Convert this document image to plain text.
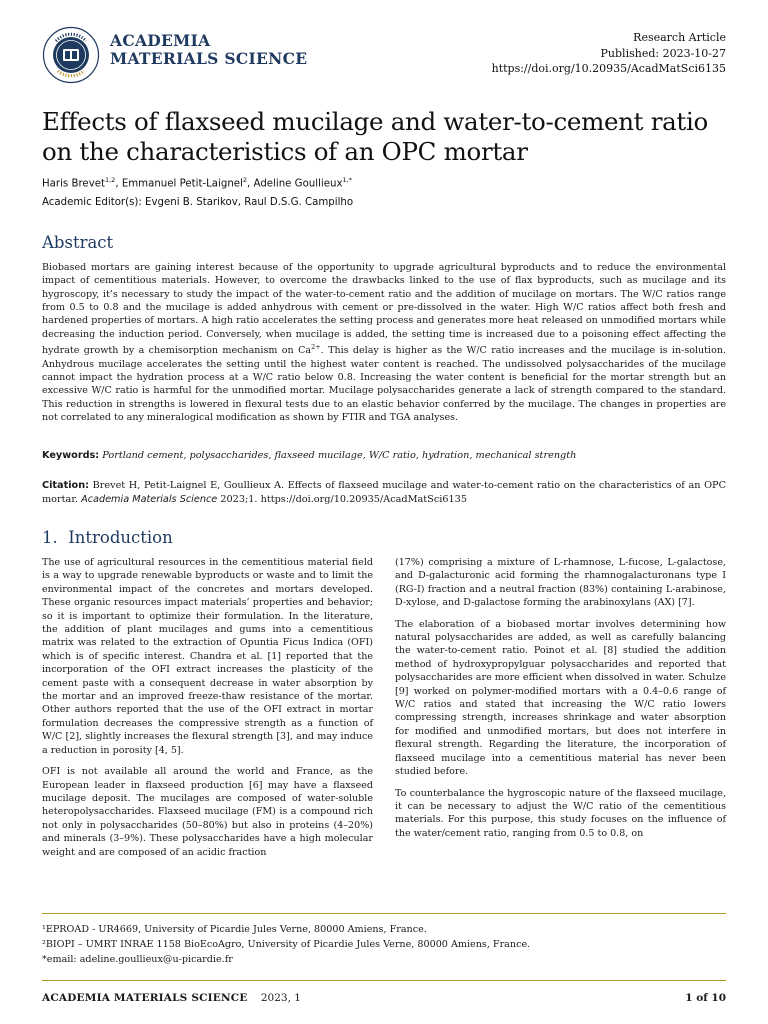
ACADEMIA
MATERIALS SCIENCE
Research Article
Published: 2023-10-27
https://doi.org/10.20935/AcadMatSci6135
Effects of flaxseed mucilage and water-to-cement ratio
on the characteristics of an OPC mortar
Haris Brevet$^{1,2}$, Emmanuel Petit-Laignel$^2$, Adeline Goullieux$^{1,*}$
Academic Editor(s): Evgeni B. Starikov, Raul D.S.G. Campilho
Abstract
Biobased mortars are gaining interest because of the opportunity to upgrade agricultural byproducts and to reduce the environmental impact of cementitious materials. However, to overcome the drawbacks linked to the use of flax byproducts, such as mucilage and its hygroscopy, it’s necessary to study the impact of the water-to-cement ratio and the addition of mucilage on mortars. The W/C ratios range from 0.5 to 0.8 and the mucilage is added anhydrous with cement or pre-dissolved in the water. High W/C ratios affect both fresh and hardened properties of mortars. A high ratio accelerates the setting process and generates more heat released on unmodified mortars while decreasing the induction period. Conversely, when mucilage is added, the setting time is increased due to a poisoning effect affecting the hydrate growth by a chemisorption mechanism on $Ca^{2+}$. This delay is higher as the W/C ratio increases and the mucilage is in-solution. Anhydrous mucilage accelerates the setting until the highest water content is reached. The undissolved polysaccharides of the mucilage cannot impact the hydration process at a W/C ratio below 0.8. Increasing the water content is beneficial for the mortar strength but an excessive W/C ratio is harmful for the unmodified mortar. Mucilage polysaccharides generate a lack of strength compared to the standard. This reduction in strengths is lowered in flexural tests due to an elastic behavior conferred by the mucilage. The changes in properties are not correlated to any mineralogical modification as shown by FTIR and TGA analyses.
Keywords: Portland cement, polysaccharides, flaxseed mucilage, W/C ratio, hydration, mechanical strength
Citation: Brevet H, Petit-Laignel E, Goullieux A. Effects of flaxseed mucilage and water-to-cement ratio on the characteristics of an OPC mortar. Academia Materials Science 2023;1. https://doi.org/10.20935/AcadMatSci6135
1.  Introduction

The use of agricultural resources in the cementitious material field is a way to upgrade renewable byproducts or waste and to limit the environmental impact of the concretes and mortars developed. These organic resources impact materials’ properties and behavior; so it is important to optimize their formulation. In the literature, the addition of plant mucilages and gums into a cementitious matrix was related to the extraction of Opuntia Ficus Indica (OFI) which is of specific interest. Chandra et al. [1] reported that the incorporation of the OFI extract increases the plasticity of the cement paste with a consequent decrease in water absorption by the mortar and an improved freeze-thaw resistance of the mortar. Other authors reported that the use of the OFI extract in mortar formulation decreases the compressive strength as a function of W/C [2], slightly increases the flexural strength [3], and may induce a reduction in porosity [4, 5].

OFI is not available all around the world and France, as the European leader in flaxseed production [6] may have a flaxseed mucilage deposit. The mucilages are composed of water-soluble heteropolysaccharides. Flaxseed mucilage (FM) is a compound rich not only in polysaccharides (50–80%) but also in proteins (4–20%) and minerals (3–9%). These polysaccharides have a high molecular weight and are composed of an acidic fraction

(17%) comprising a mixture of L-rhamnose, L-fucose, L-galactose, and D-galacturonic acid forming the rhamnogalacturonans type I (RG-I) fraction and a neutral fraction (83%) containing L-arabinose, D-xylose, and D-galactose forming the arabinoxylans (AX) [7].

The elaboration of a biobased mortar involves determining how natural polysaccharides are added, as well as carefully balancing the water-to-cement ratio. Poinot et al. [8] studied the addition method of hydroxypropylguar polysaccharides and reported that polysaccharides are more efficient when dissolved in water. Schulze [9] worked on polymer-modified mortars with a 0.4–0.6 range of W/C ratios and stated that increasing the W/C ratio lowers compressing strength, increases shrinkage and water absorption for modified and unmodified mortars, but does not interfere in flexural strength. Regarding the literature, the incorporation of flaxseed mucilage into a cementitious material has never been studied before.

To counterbalance the hygroscopic nature of the flaxseed mucilage, it can be necessary to adjust the W/C ratio of the cementitious materials. For this purpose, this study focuses on the influence of the water/cement ratio, ranging from 0.5 to 0.8, on

¹EPROAD - UR4669, University of Picardie Jules Verne, 80000 Amiens, France.
²BIOPI – UMRT INRAE 1158 BioEcoAgro, University of Picardie Jules Verne, 80000 Amiens, France.
*email: adeline.goullieux@u-picardie.fr
ACADEMIA MATERIALS SCIENCE 2023, 1	1 of 10
